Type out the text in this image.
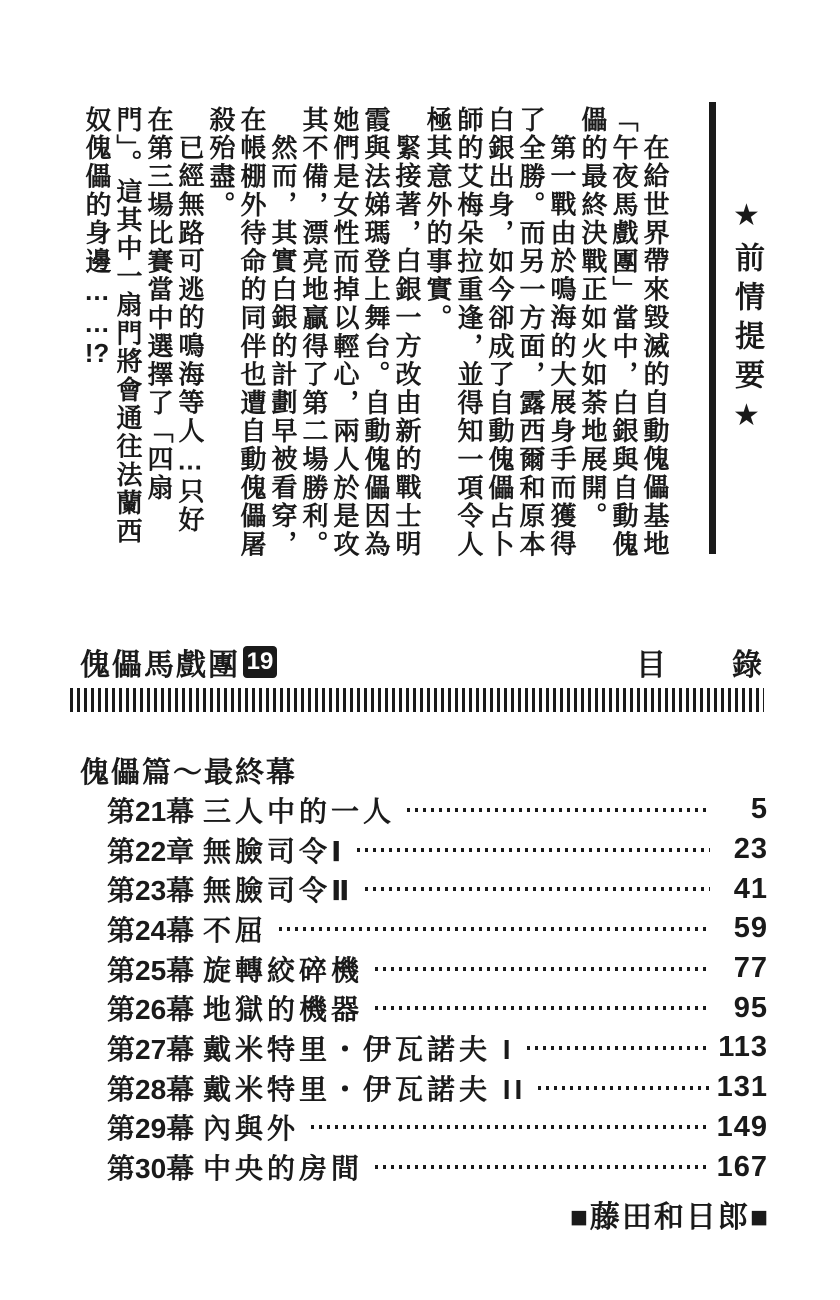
★前情提要★

在給世界帶來毀滅的自動傀儡基地「午夜馬戲團」當中，白銀與自動傀儡的最終決戰正如火如荼地展開。

第一戰由於鳴海的大展身手而獲得了全勝。而另一方面，露西爾和原本白銀出身，如今卻成了自動傀儡占卜師的艾梅朵拉重逢，並得知一項令人極其意外的事實。

緊接著，白銀一方改由新的戰士明霞與法娣瑪登上舞台。自動傀儡因為她們是女性而掉以輕心，兩人於是攻其不備，漂亮地贏得了第二場勝利。

然而，其實白銀的計劃早被看穿，在帳棚外待命的同伴也遭自動傀儡屠殺殆盡。

已經無路可逃的鳴海等人…只好在第三場比賽當中選擇了「四扇門」。這其中一扇門將會通往法蘭西奴傀儡的身邊……!?

傀儡馬戲團 19	目　　錄
傀儡篇～最終幕
第21幕 三人中的一人	5
第22章 無臉司令Ⅰ	23
第23幕 無臉司令Ⅱ	41
第24幕 不屈	59
第25幕 旋轉絞碎機	77
第26幕 地獄的機器	95
第27幕 戴米特里・伊瓦諾夫 I	113
第28幕 戴米特里・伊瓦諾夫 II	131
第29幕 內與外	149
第30幕 中央的房間	167
■藤田和日郎■
